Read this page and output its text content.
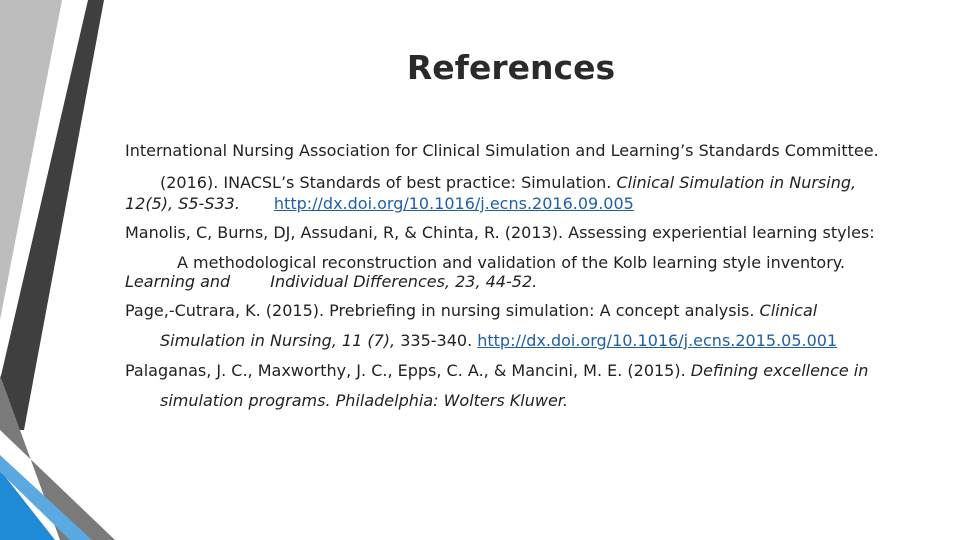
References
International Nursing Association for Clinical Simulation and Learning’s Standards Committee.
(2016). INACSL’s Standards of best practice: Simulation. Clinical Simulation in Nursing,
12(5), S5-S33. http://dx.doi.org/10.1016/j.ecns.2016.09.005
Manolis, C, Burns, DJ, Assudani, R, & Chinta, R. (2013). Assessing experiential learning styles:
A methodological reconstruction and validation of the Kolb learning style inventory.
Learning and	Individual Differences, 23, 44-52.
Page,-Cutrara, K. (2015). Prebriefing in nursing simulation: A concept analysis. Clinical
Simulation in Nursing, 11 (7), 335-340. http://dx.doi.org/10.1016/j.ecns.2015.05.001
Palaganas, J. C., Maxworthy, J. C., Epps, C. A., & Mancini, M. E. (2015). Defining excellence in
simulation programs. Philadelphia: Wolters Kluwer.
